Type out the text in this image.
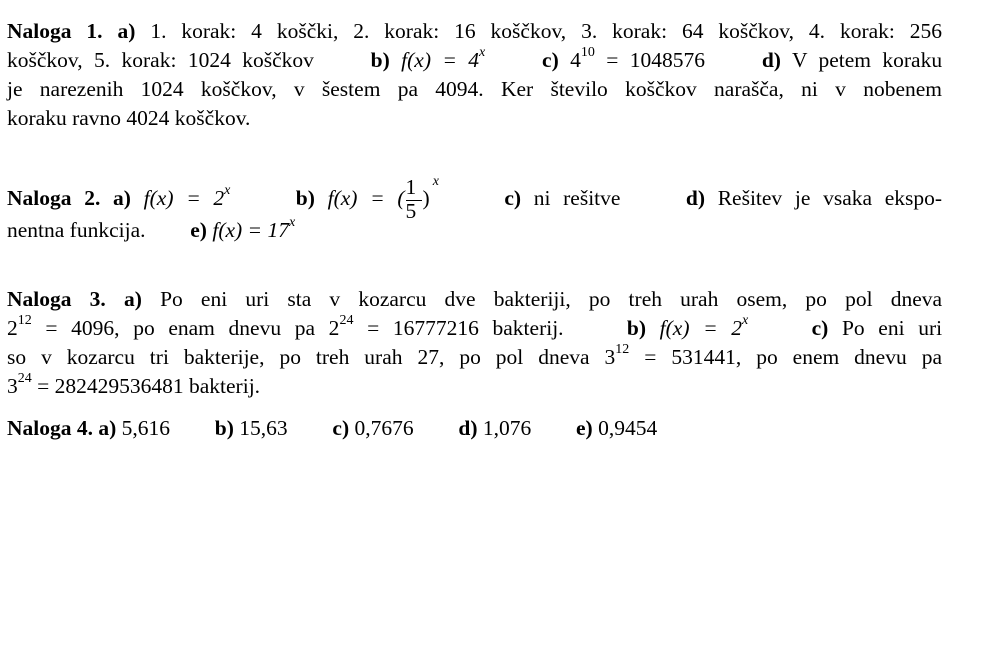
Naloga 1. a) 1. korak: 4 koščki, 2. korak: 16 koščkov, 3. korak: 64 koščkov, 4. korak: 256
koščkov, 5. korak: 1024 koščkov	b) $f(x) = 4^x$	c) $4^{10} = 1048576$	d) V petem koraku
je narezenih 1024 koščkov, v šestem pa 4094. Ker število koščkov narašča, ni v nobenem
koraku ravno 4024 koščkov.
Naloga 2. a) $f(x) = 2^x$	b) f(x) = ( $\frac{1}{5} )^x$  c) ni rešitve	d) Rešitev je vsaka ekspo-
nentna funkcija. e) $f(x) = 17^x$
Naloga 3. a) Po eni uri sta v kozarcu dve bakteriji, po treh urah osem, po pol dneva
$2^{12} = 4096$, po enam dnevu pa $2^{24} = 16777216$ bakterij.	b) $f(x) = 2^x$	c) Po eni uri
so v kozarcu tri bakterije, po treh urah 27, po pol dneva $3^{12} = 531441$, po enem dnevu pa
$3^{24} = 282429536481$ bakterij.
Naloga 4. a) 5,616 b) 15,63 c) 0,7676 d) 1,076 e) 0,9454
